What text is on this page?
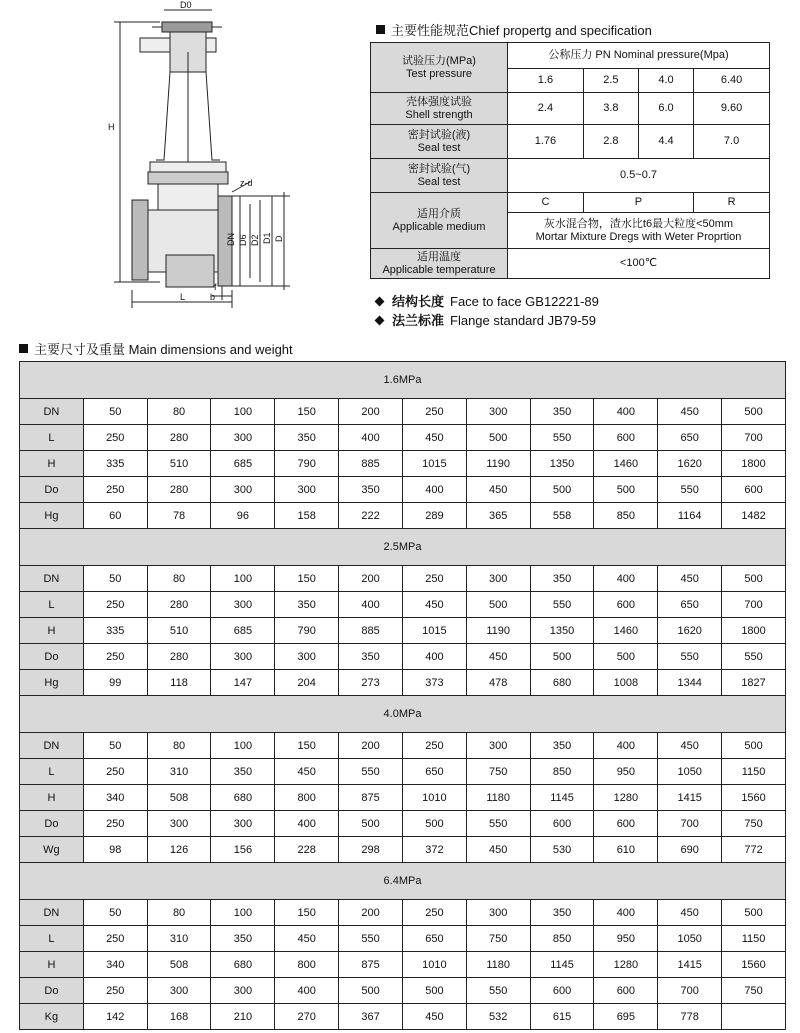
D0
H
z-d
DN D6 D2 D1 D
f
b
L
主要性能规范Chief propertg and specification
试验压力(MPa)
Test pressure	公称压力 PN Nominal pressure(Mpa)			
	1.6	2.5	4.0	6.40

壳体强度试验
Shell strength	2.4	3.8	6.0	9.60

密封试验(液)
Seal test	1.76	2.8	4.4	7.0

密封试验(气)
Seal test	0.5~0.7			

适用介质
Applicable medium	C	P		R

	灰水混合物，渣水比t6最大粒度<50mm
Mortar Mixture Dregs with Weter Proprtion			

适用温度
Applicable temperature	<100℃			
结构长度 Face to face GB12221-89
法兰标准 Flange standard JB79-59
主要尺寸及重量 Main dimensions and weight
1.6MPa											
DN	50	80	100	150	200	250	300	350	400	450	500
L	250	280	300	350	400	450	500	550	600	650	700
H	335	510	685	790	885	1015	1190	1350	1460	1620	1800
Do	250	280	300	300	350	400	450	500	500	550	600
Hg	60	78	96	158	222	289	365	558	850	1164	1482
2.5MPa											
DN	50	80	100	150	200	250	300	350	400	450	500
L	250	280	300	350	400	450	500	550	600	650	700
H	335	510	685	790	885	1015	1190	1350	1460	1620	1800
Do	250	280	300	300	350	400	450	500	500	550	550
Hg	99	118	147	204	273	373	478	680	1008	1344	1827
4.0MPa											
DN	50	80	100	150	200	250	300	350	400	450	500
L	250	310	350	450	550	650	750	850	950	1050	1150
H	340	508	680	800	875	1010	1180	1145	1280	1415	1560
Do	250	300	300	400	500	500	550	600	600	700	750
Wg	98	126	156	228	298	372	450	530	610	690	772
6.4MPa											
DN	50	80	100	150	200	250	300	350	400	450	500
L	250	310	350	450	550	650	750	850	950	1050	1150
H	340	508	680	800	875	1010	1180	1145	1280	1415	1560
Do	250	300	300	400	500	500	550	600	600	700	750
Kg	142	168	210	270	367	450	532	615	695	778	
